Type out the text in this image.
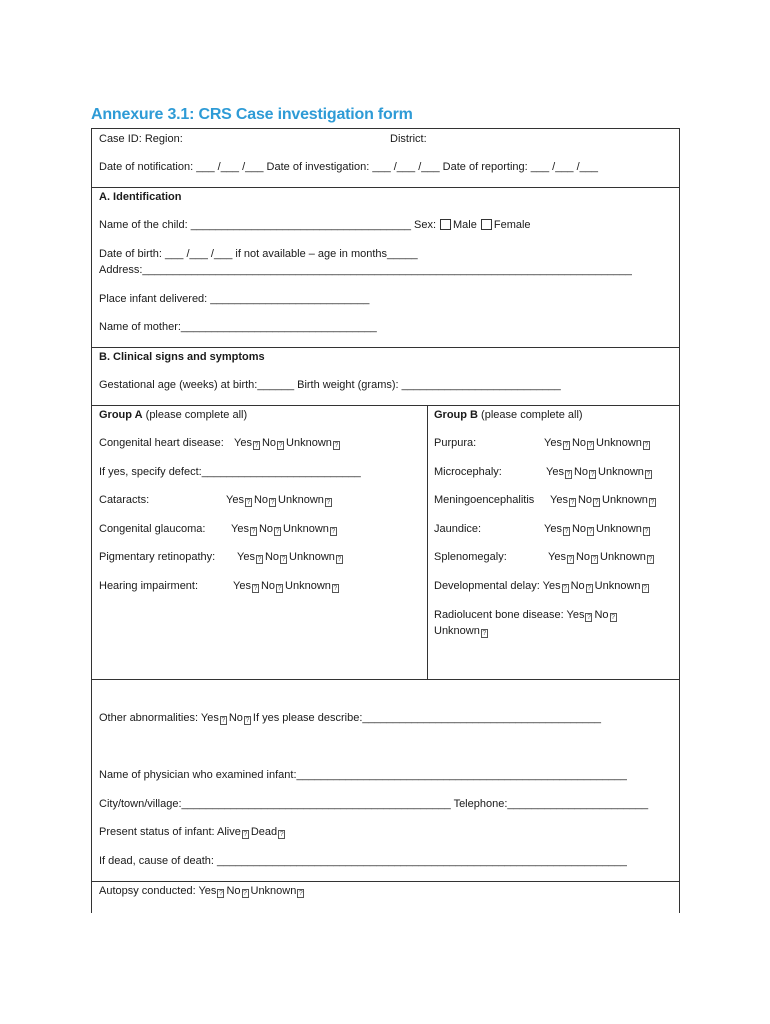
Annexure 3.1: CRS Case investigation form
Case ID: Region:	District:
Date of notification: ___ /___ /___ Date of investigation: ___ /___ /___ Date of reporting: ___ /___ /___
A. Identification
Name of the child: ____________________________________ Sex: Male Female
Date of birth: ___ /___ /___ if not available – age in months_____
Address:________________________________________________________________________________
Place infant delivered: __________________________
Name of mother:________________________________
B. Clinical signs and symptoms
Gestational age (weeks) at birth:______ Birth weight (grams): __________________________
Group A (please complete all)
Congenital heart disease: Yes ? No ? Unknown ?
If yes, specify defect:__________________________
Cataracts:	Yes ? No ? Unknown ?
Congenital glaucoma: Yes ? No ? Unknown ?
Pigmentary retinopathy: Yes ? No ? Unknown ?
Hearing impairment:	Yes ? No ? Unknown ?
Group B (please complete all)
Purpura:	Yes ? No ? Unknown ?
Microcephaly:	Yes ? No ? Unknown ?
Meningoencephalitis Yes ? No ? Unknown ?
Jaundice:	Yes ? No ? Unknown ?
Splenomegaly:	Yes ? No ? Unknown ?
Developmental delay: Yes ? No ? Unknown ?
Radiolucent bone disease: Yes ? No ?
Unknown ?
Other abnormalities: Yes ? No ? If yes please describe:_______________________________________
Name of physician who examined infant:______________________________________________________
City/town/village:____________________________________________ Telephone:_______________________
Present status of infant: Alive ? Dead ?
If dead, cause of death: ___________________________________________________________________
Autopsy conducted: Yes ? No ? Unknown ?
